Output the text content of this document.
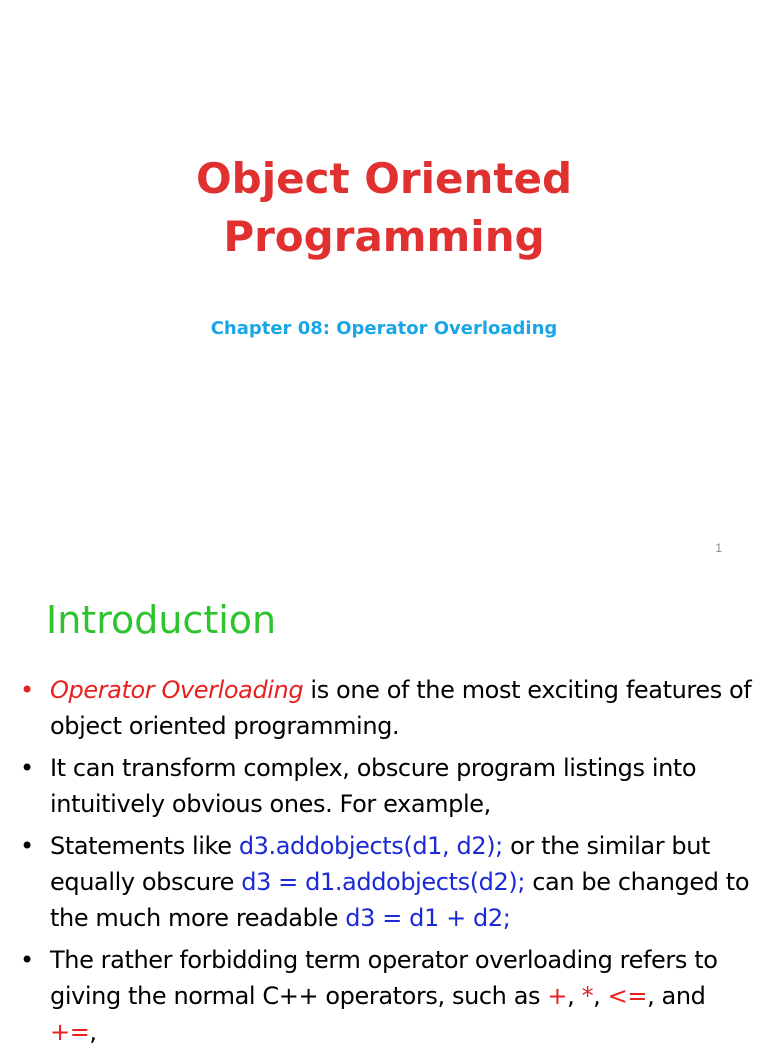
Object Oriented
Programming
Chapter 08: Operator Overloading
1
Introduction
• Operator Overloading is one of the most exciting features of object oriented programming.
• It can transform complex, obscure program listings into intuitively obvious ones. For example,
• Statements like d3.addobjects(d1, d2); or the similar but equally obscure d3 = d1.addobjects(d2); can be changed to the much more readable d3 = d1 + d2;
• The rather forbidding term operator overloading refers to giving the normal C++ operators, such as +, *, <=, and +=,
